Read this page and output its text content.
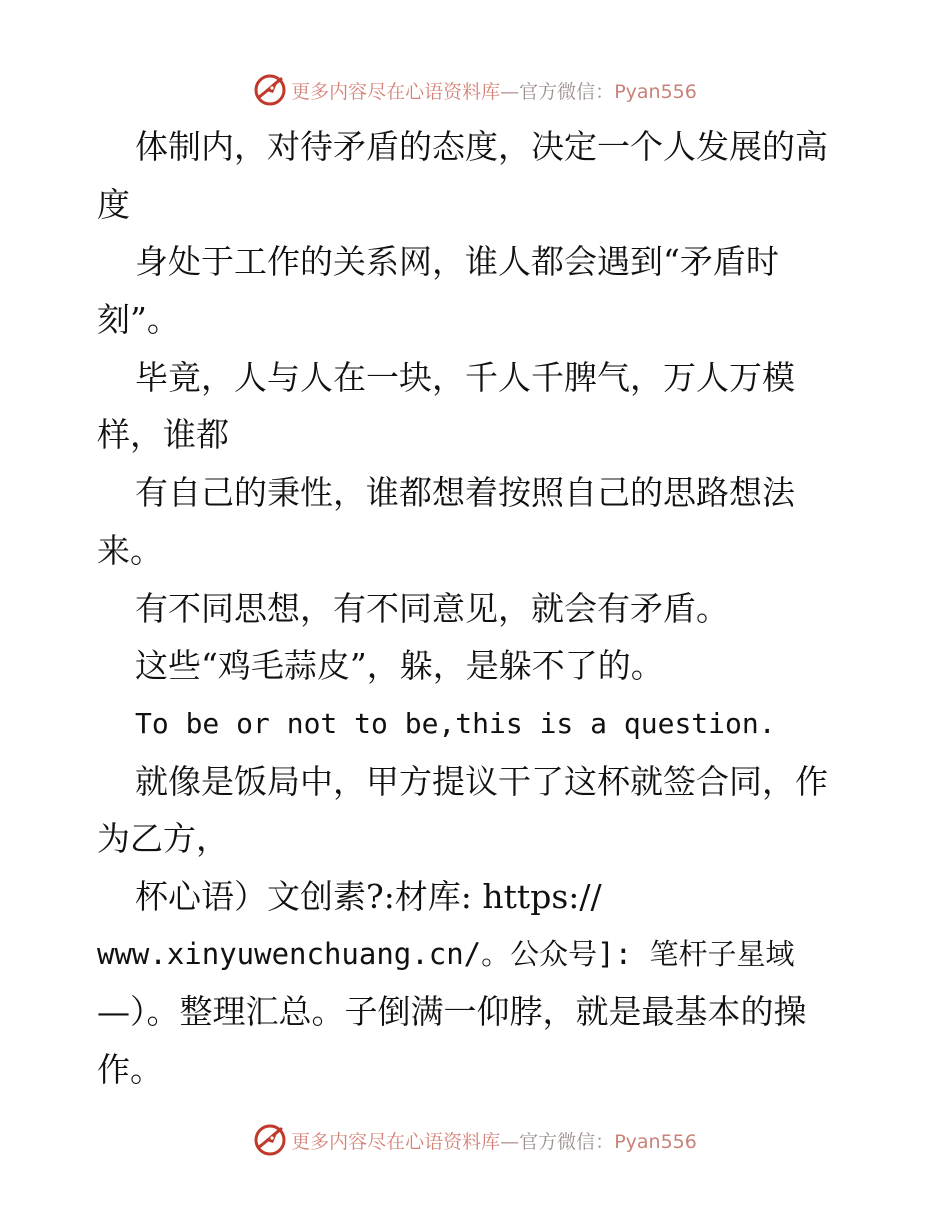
更多内容尽在心语资料库—官方微信：Pyan556
体制内，对待矛盾的态度，决定一个人发展的高
度
身处于工作的关系网，谁人都会遇到“矛盾时
刻”。
毕竟，人与人在一块，千人千脾气，万人万模
样，谁都
有自己的秉性，谁都想着按照自己的思路想法
来。
有不同思想，有不同意见，就会有矛盾。
这些“鸡毛蒜皮”，躲，是躲不了的。
To be or not to be,this is a question.
就像是饭局中，甲方提议干了这杯就签合同，作
为乙方，
杯心语）文创素?:材库: https://
www.xinyuwenchuang.cn/。公众号]: 笔杆子星域
—）。整理汇总。子倒满一仰脖，就是最基本的操
作。
更多内容尽在心语资料库—官方微信：Pyan556
